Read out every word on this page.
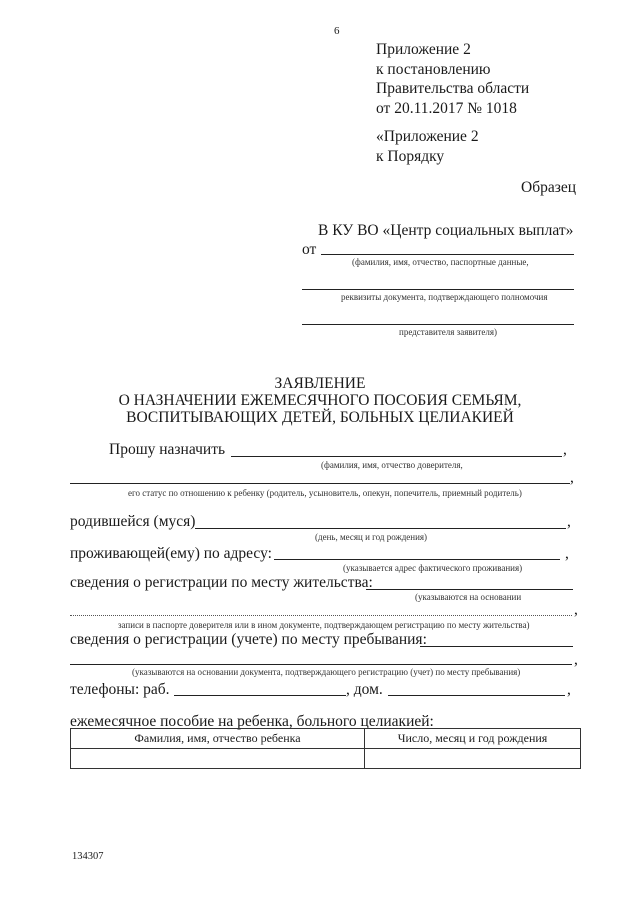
6
Приложение 2
к постановлению
Правительства области
от 20.11.2017 № 1018
«Приложение 2
к Порядку
Образец
В КУ ВО «Центр социальных выплат»
от
(фамилия, имя, отчество, паспортные данные,
реквизиты документа, подтверждающего полномочия
представителя заявителя)
ЗАЯВЛЕНИЕ
О НАЗНАЧЕНИИ ЕЖЕМЕСЯЧНОГО ПОСОБИЯ СЕМЬЯМ,
ВОСПИТЫВАЮЩИХ ДЕТЕЙ, БОЛЬНЫХ ЦЕЛИАКИЕЙ
Прошу назначить	,
(фамилия, имя, отчество доверителя,
,
его статус по отношению к ребенку (родитель, усыновитель, опекун, попечитель, приемный родитель)
родившейся (муся)	,
(день, месяц и год рождения)
проживающей(ему) по адресу:	,
(указывается адрес фактического проживания)
сведения о регистрации по месту жительства:
(указываются на основании
,
записи в паспорте доверителя или в ином документе, подтверждающем регистрацию по месту жительства)
сведения о регистрации (учете) по месту пребывания:
,
(указываются на основании документа, подтверждающего регистрацию (учет) по месту пребывания)
телефоны: раб.	, дом.	,
ежемесячное пособие на ребенка, больного целиакией:
Фамилия, имя, отчество ребенка	Число, месяц и год рождения

134307
